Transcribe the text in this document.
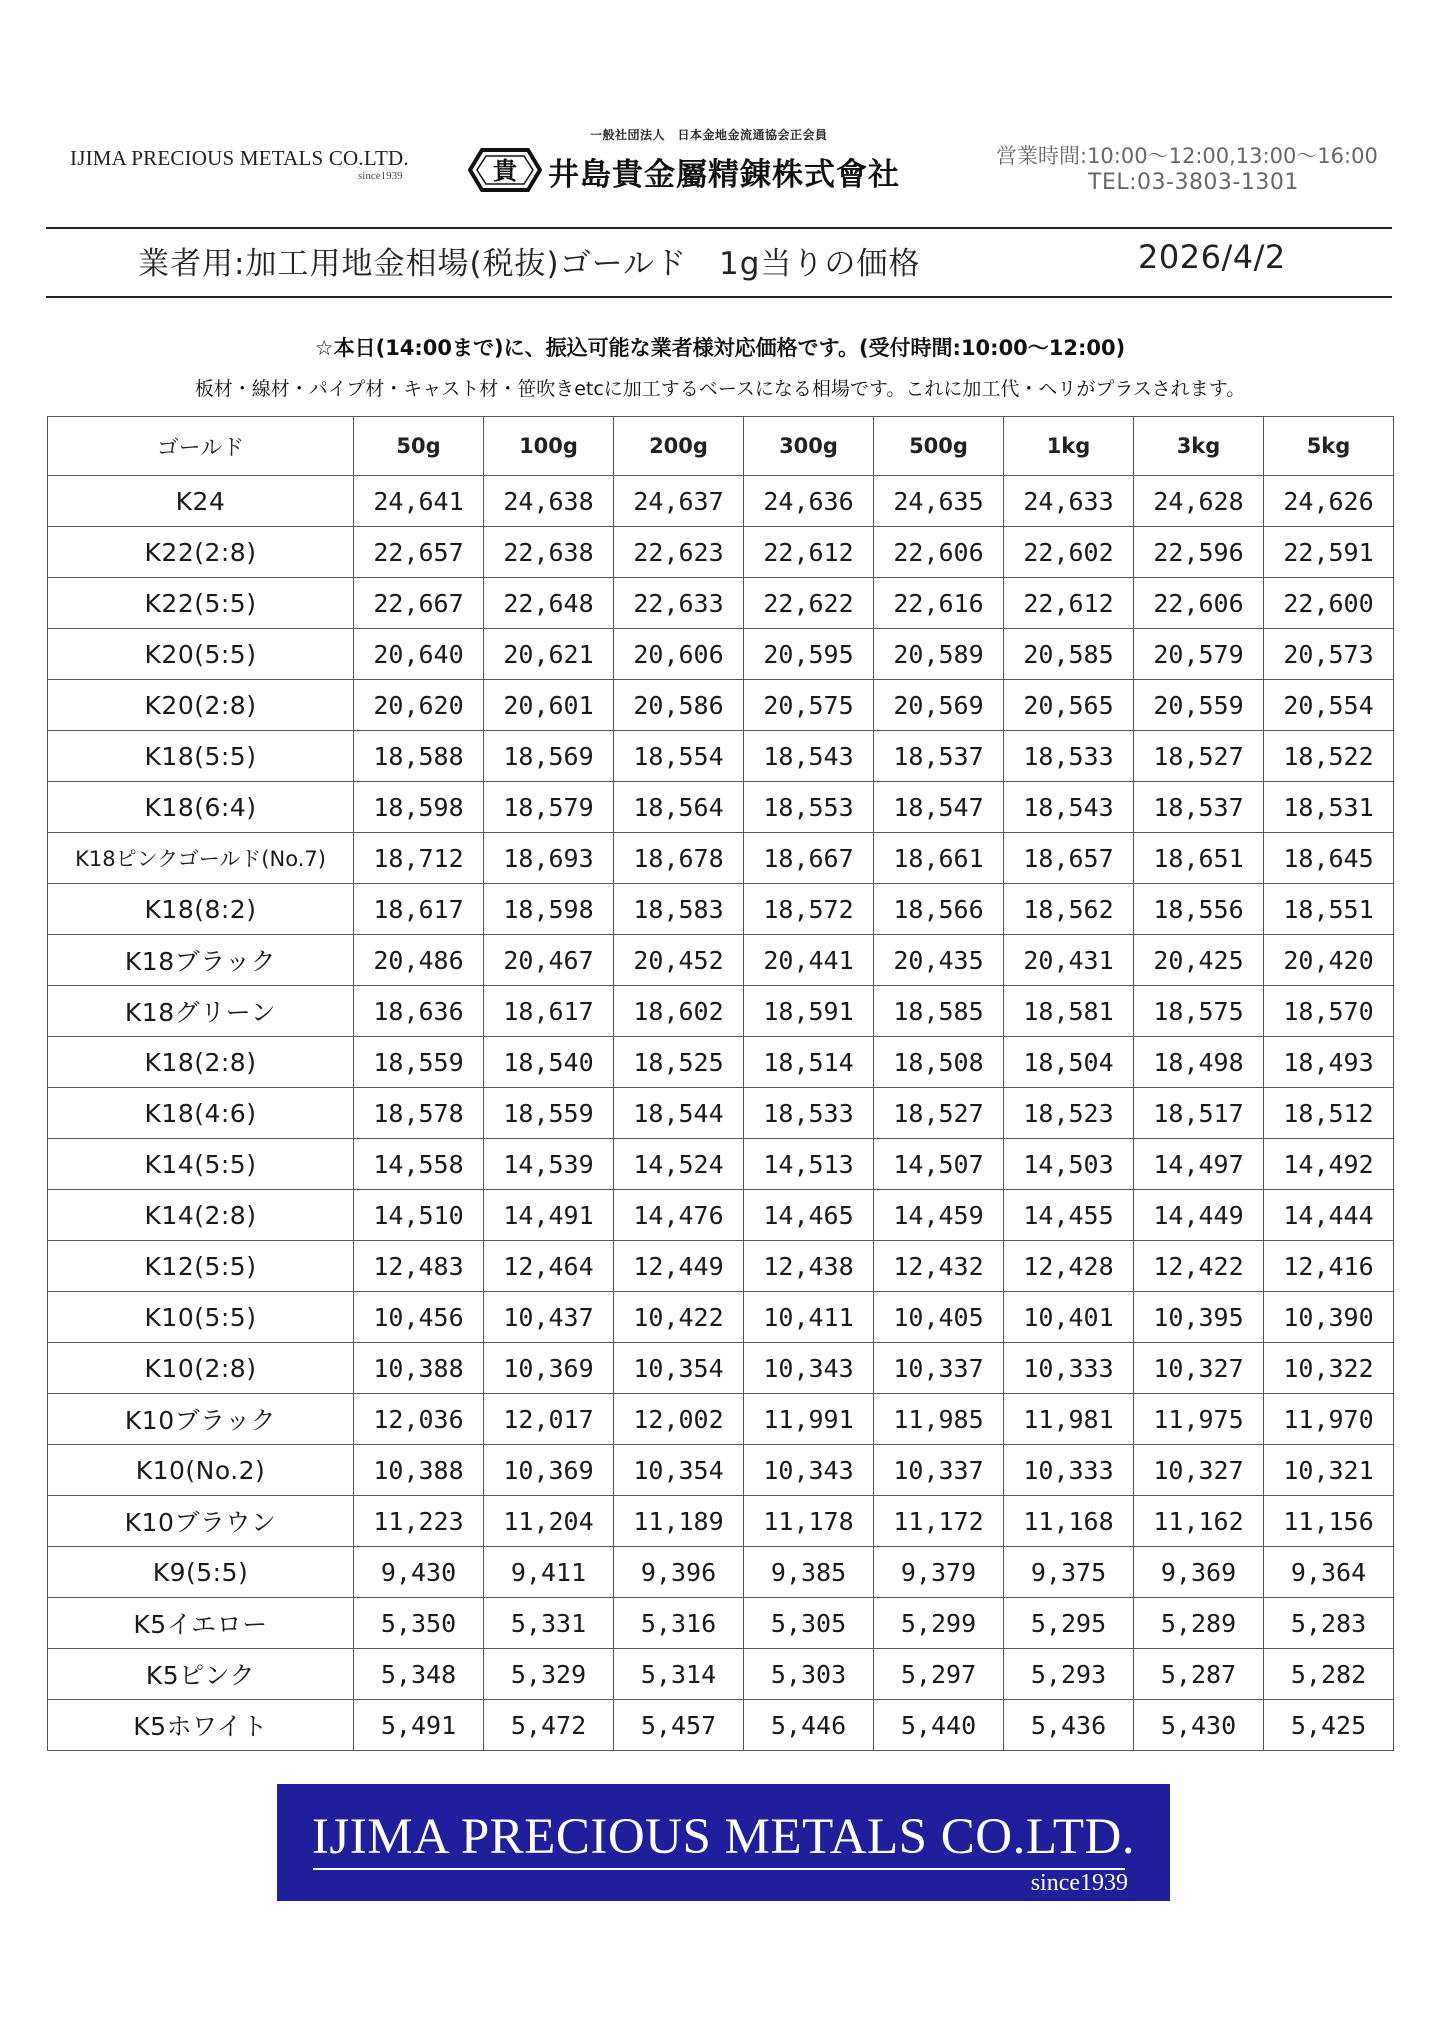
IJIMA PRECIOUS METALS CO.LTD.
since1939
一般社団法人　日本金地金流通協会正会員
貴 井島貴金屬精錬株式會社
営業時間:10:00〜12:00,13:00〜16:00
TEL:03-3803-1301
業者用:加工用地金相場(税抜)ゴールド　1g当りの価格	2026/4/2
☆本日(14:00まで)に、振込可能な業者様対応価格です。(受付時間:10:00〜12:00)
板材・線材・パイプ材・キャスト材・笹吹きetcに加工するベースになる相場です。これに加工代・ヘリがプラスされます。
ゴールド	50g	100g	200g	300g	500g	1kg	3kg	5kg
K24	24,641	24,638	24,637	24,636	24,635	24,633	24,628	24,626
K22(2:8)	22,657	22,638	22,623	22,612	22,606	22,602	22,596	22,591
K22(5:5)	22,667	22,648	22,633	22,622	22,616	22,612	22,606	22,600
K20(5:5)	20,640	20,621	20,606	20,595	20,589	20,585	20,579	20,573
K20(2:8)	20,620	20,601	20,586	20,575	20,569	20,565	20,559	20,554
K18(5:5)	18,588	18,569	18,554	18,543	18,537	18,533	18,527	18,522
K18(6:4)	18,598	18,579	18,564	18,553	18,547	18,543	18,537	18,531
K18ピンクゴールド(No.7)	18,712	18,693	18,678	18,667	18,661	18,657	18,651	18,645
K18(8:2)	18,617	18,598	18,583	18,572	18,566	18,562	18,556	18,551
K18ブラック	20,486	20,467	20,452	20,441	20,435	20,431	20,425	20,420
K18グリーン	18,636	18,617	18,602	18,591	18,585	18,581	18,575	18,570
K18(2:8)	18,559	18,540	18,525	18,514	18,508	18,504	18,498	18,493
K18(4:6)	18,578	18,559	18,544	18,533	18,527	18,523	18,517	18,512
K14(5:5)	14,558	14,539	14,524	14,513	14,507	14,503	14,497	14,492
K14(2:8)	14,510	14,491	14,476	14,465	14,459	14,455	14,449	14,444
K12(5:5)	12,483	12,464	12,449	12,438	12,432	12,428	12,422	12,416
K10(5:5)	10,456	10,437	10,422	10,411	10,405	10,401	10,395	10,390
K10(2:8)	10,388	10,369	10,354	10,343	10,337	10,333	10,327	10,322
K10ブラック	12,036	12,017	12,002	11,991	11,985	11,981	11,975	11,970
K10(No.2)	10,388	10,369	10,354	10,343	10,337	10,333	10,327	10,321
K10ブラウン	11,223	11,204	11,189	11,178	11,172	11,168	11,162	11,156
K9(5:5)	9,430	9,411	9,396	9,385	9,379	9,375	9,369	9,364
K5イエロー	5,350	5,331	5,316	5,305	5,299	5,295	5,289	5,283
K5ピンク	5,348	5,329	5,314	5,303	5,297	5,293	5,287	5,282
K5ホワイト	5,491	5,472	5,457	5,446	5,440	5,436	5,430	5,425
IJIMA PRECIOUS METALS CO.LTD.
since1939
